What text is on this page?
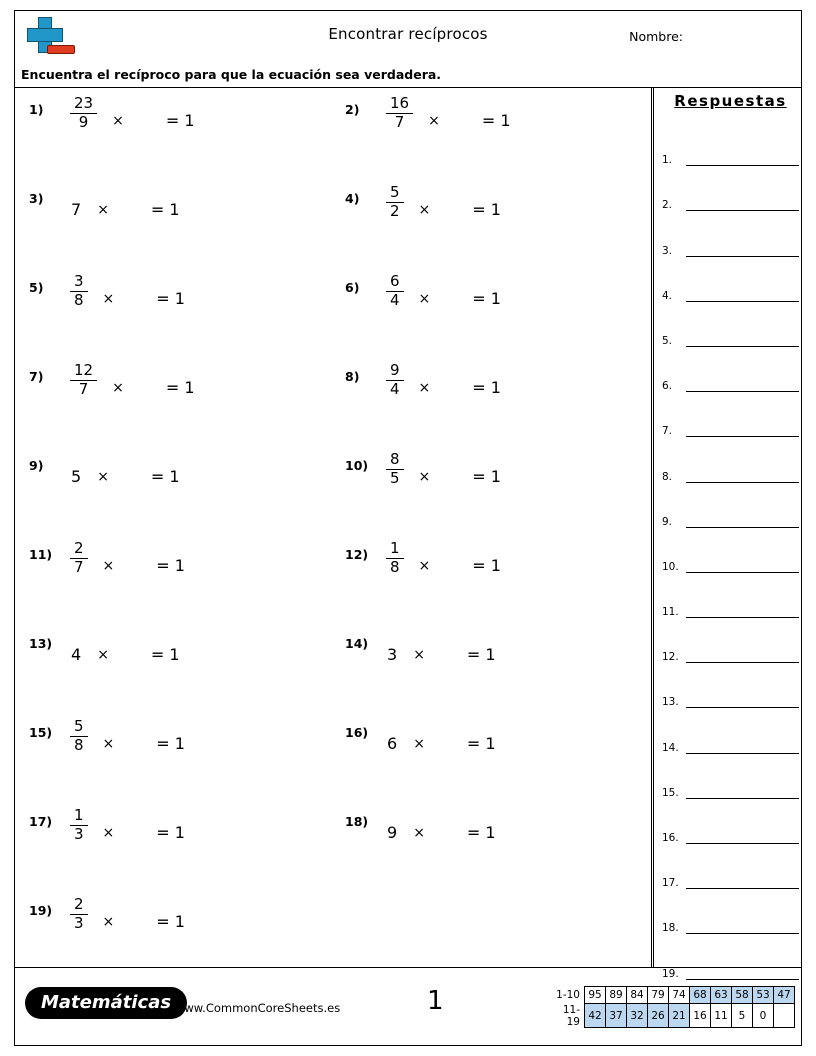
Encontrar recíprocos	Nombre:
Encuentra el recíproco para que la ecuación sea verdadera.
$1) \frac{23}{9}$ ×	= 1
$2) \frac{16}{7}$ ×	= 1
3)
7 ×	= 1
$4) \frac{5}{2}$ ×	= 1
$5) \frac{3}{8}$ ×	= 1
$6) \frac{6}{4}$ ×	= 1
$7) \frac{12}{7}$ ×	= 1
$8) \frac{9}{4}$ ×	= 1
9)
5 ×	= 1
$10) \frac{8}{5}$ ×	= 1
$11) \frac{2}{7}$ ×	= 1
$12) \frac{1}{8}$ ×	= 1
13)
4 ×	= 1
14)
3 ×	= 1
$15) \frac{5}{8}$ ×	= 1
16)
6 ×	= 1
$17) \frac{1}{3}$ ×	= 1
18)
9 ×	= 1
$19) \frac{2}{3}$ ×	= 1
Respuestas
1.
2.
3.
4.
5.
6.
7.
8.
9.
10.
11.
12.
13.
14.
15.
16.
17.
18.
19.
Matemáticas www.CommonCoreSheets.es	1	1-10	95	89	84	79	74	68	63	58	53	47
11-19	42	37	32	26	21	16	11	5	0	
